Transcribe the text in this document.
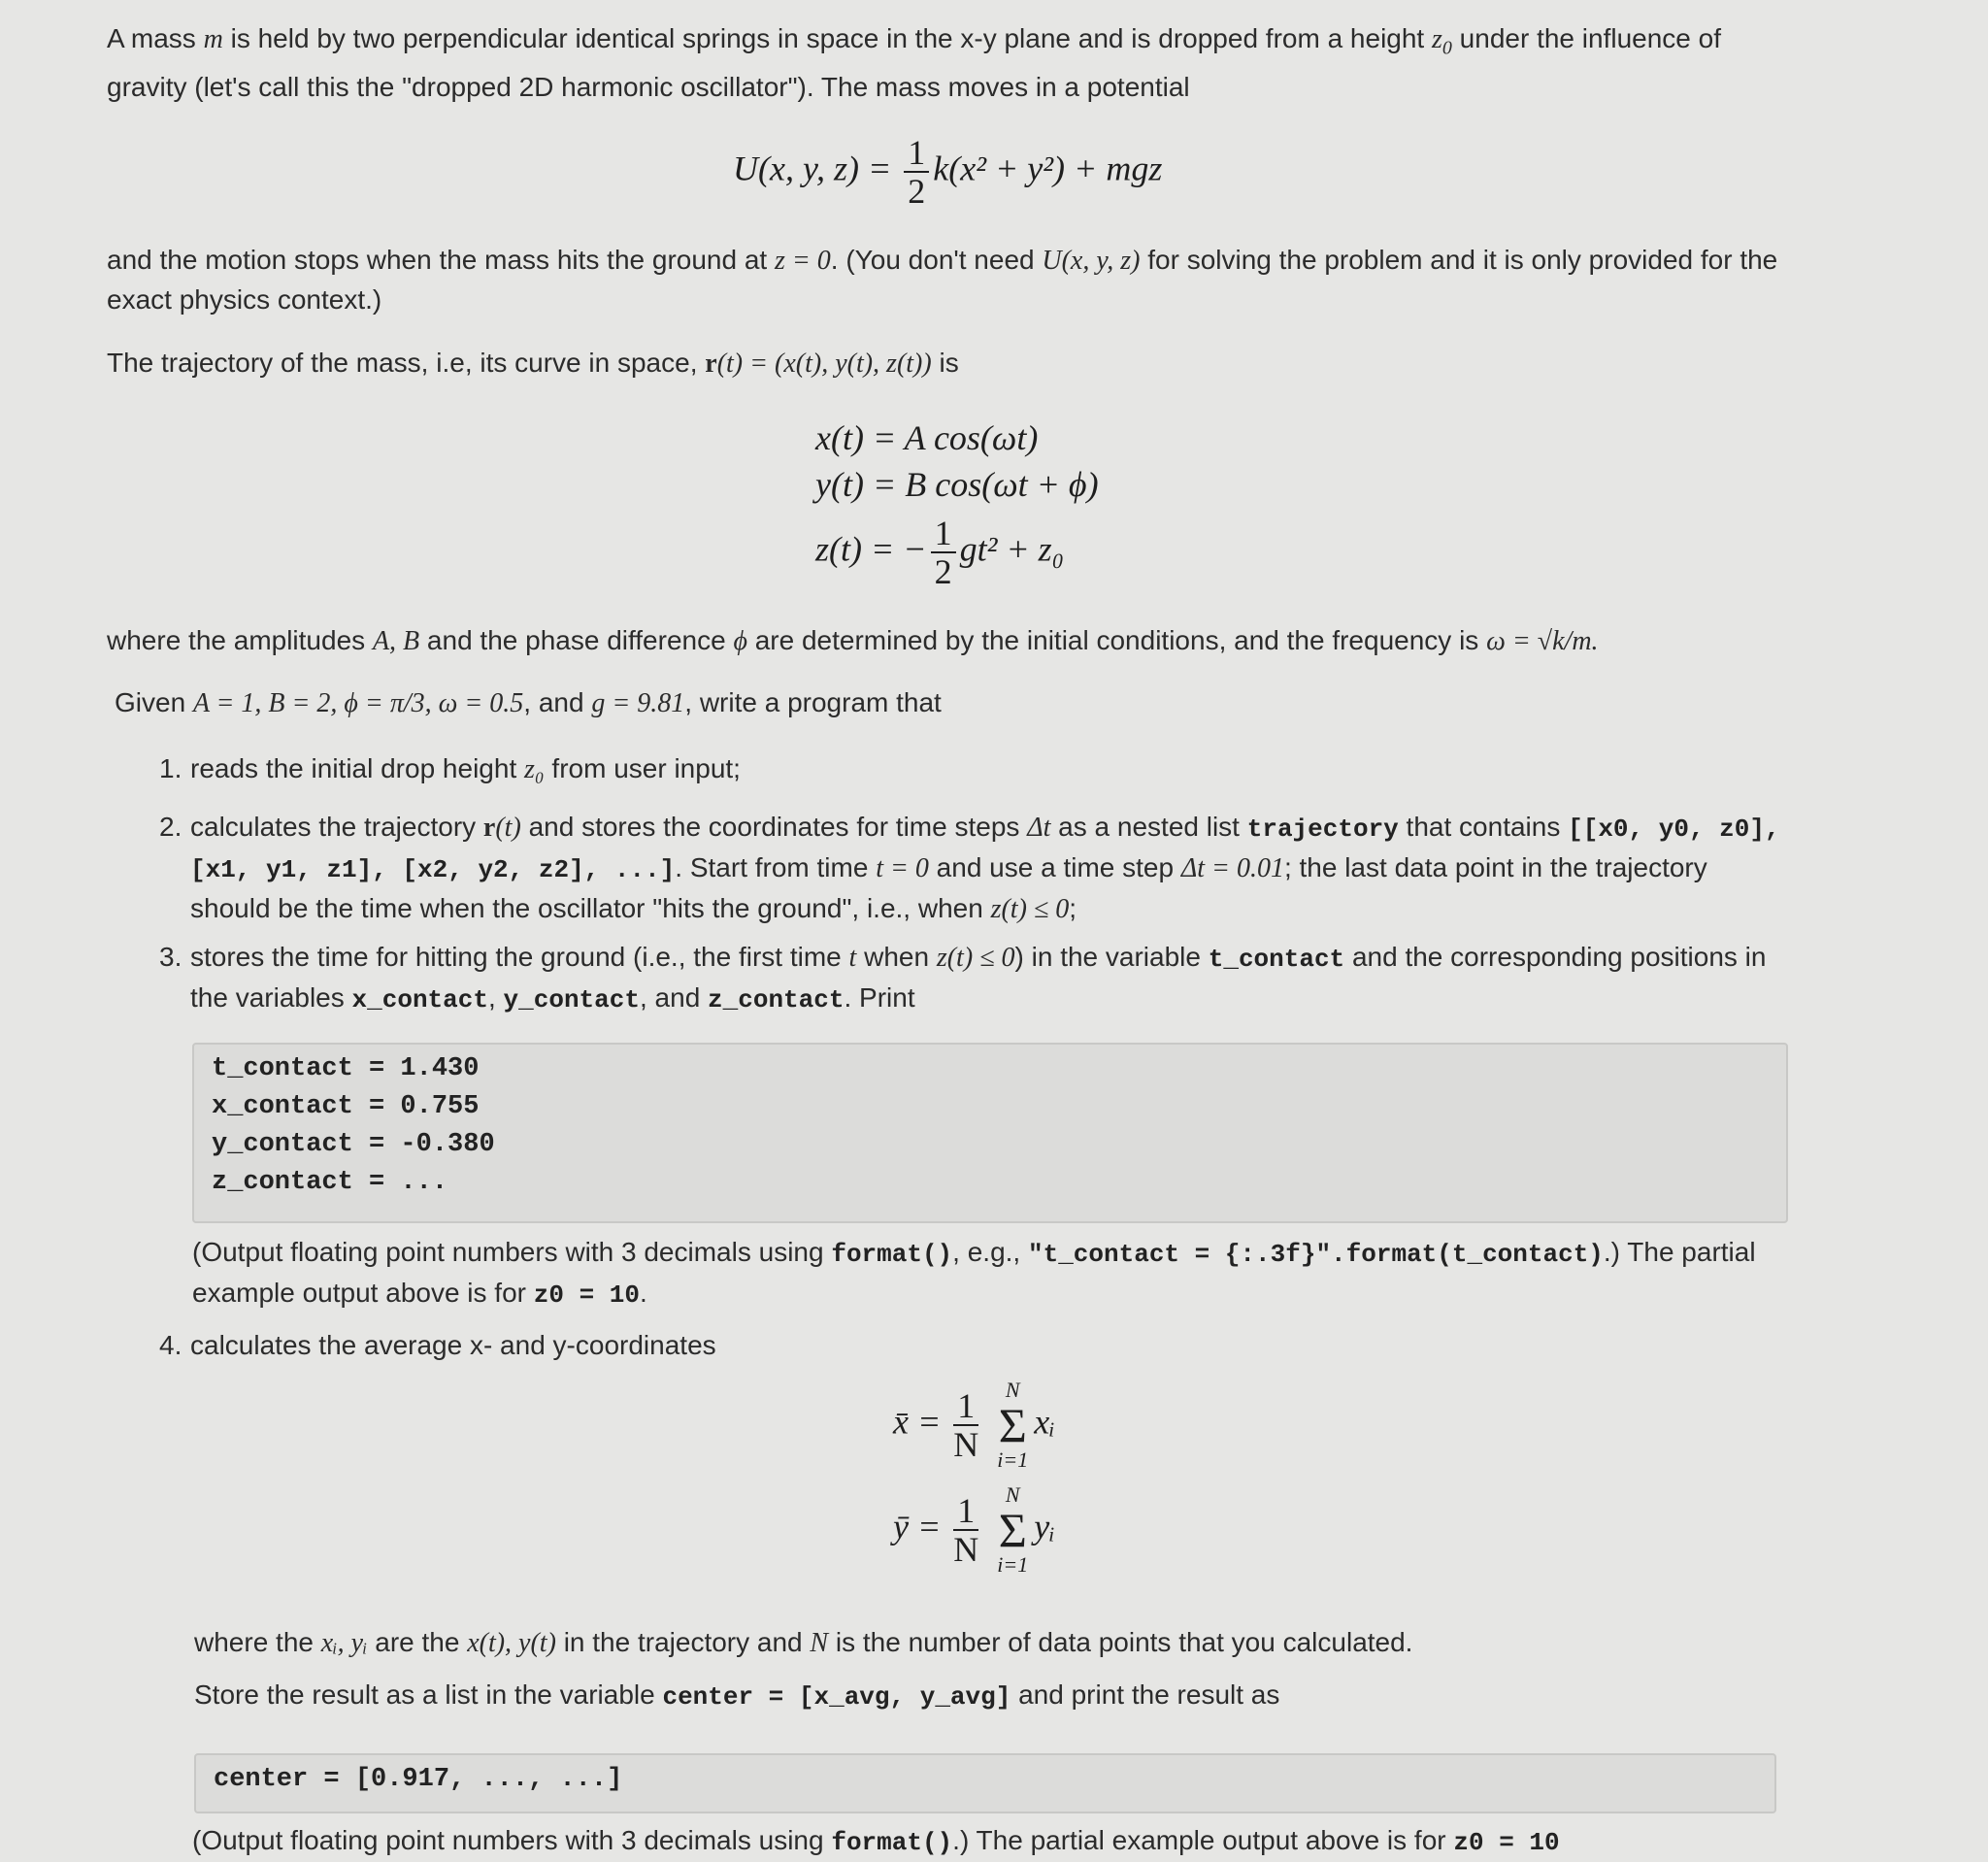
A mass m is held by two perpendicular identical springs in space in the x-y plane and is dropped from a height $z_0$ under the influence of gravity (let's call this the "dropped 2D harmonic oscillator"). The mass moves in a potential
U(x, y, $z) = \frac{1}{2} k(x^2 + y^2)$ + mgz
and the motion stops when the mass hits the ground at z = 0. (You don't need U(x, y, z) for solving the problem and it is only provided for the exact physics context.)
The trajectory of the mass, i.e, its curve in space, r(t) = (x(t), y(t), z(t)) is
x(t) = A cos(ωt)
y(t) = B cos(ωt + ϕ)
z(t) = − $\frac{1}{2} gt^2 + z_0$
where the amplitudes A, B and the phase difference ϕ are determined by the initial conditions, and the frequency is ω = √k/m.
Given A = 1, B = 2, ϕ = π/3, ω = 0.5, and g = 9.81, write a program that
1. reads the initial drop height z₀ from user input;
2. calculates the trajectory r(t) and stores the coordinates for time steps Δt as a nested list trajectory that contains [[x0, y0, z0], [x1, y1, z1], [x2, y2, z2], ...]. Start from time t = 0 and use a time step Δt = 0.01; the last data point in the trajectory should be the time when the oscillator "hits the ground", i.e., when z(t) ≤ 0;
3. stores the time for hitting the ground (i.e., the first time t when z(t) ≤ 0) in the variable t_contact and the corresponding positions in the variables x_contact, y_contact, and z_contact. Print
t_contact = 1.430
x_contact = 0.755
y_contact = -0.380
z_contact = ...
(Output floating point numbers with 3 decimals using format(), e.g., "t_contact = {:.3f}".format(t_contact).) The partial example output above is for z0 = 10.
4. calculates the average x- and y-coordinates
x̄ = $\frac{1}{N}$
	N
Σ
i=1
xᵢ
ȳ = $\frac{1}{N}$
	N
Σ
i=1
yᵢ
where the xᵢ, yᵢ are the x(t), y(t) in the trajectory and N is the number of data points that you calculated.
Store the result as a list in the variable center = [x_avg, y_avg] and print the result as
center = [0.917, ..., ...]
(Output floating point numbers with 3 decimals using format().) The partial example output above is for z0 = 10
